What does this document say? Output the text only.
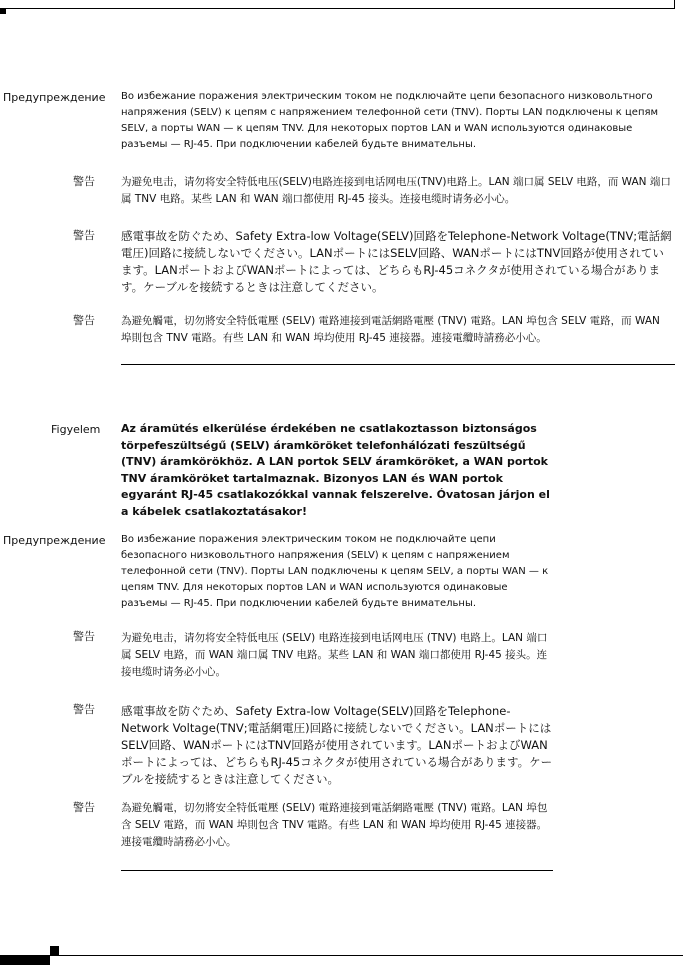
Предупреждение Во избежание поражения электрическим током не подключайте цепи безопасного низковольтного напряжения (SELV) к цепям с напряжением телефонной сети (TNV). Порты LAN подключены к цепям SELV, а порты WAN — к цепям TNV. Для некоторых портов LAN и WAN используются одинаковые разъемы — RJ-45. При подключении кабелей будьте внимательны.
警告 为避免电击，请勿将安全特低电压(SELV)电路连接到电话网电压(TNV)电路上。LAN 端口属 SELV 电路，而 WAN 端口属 TNV 电路。某些 LAN 和 WAN 端口都使用 RJ-45 接头。连接电缆时请务必小心。
警告 感電事故を防ぐため、Safety Extra-low Voltage(SELV)回路をTelephone-Network Voltage(TNV;電話網電圧)回路に接続しないでください。LANポートにはSELV回路、WANポートにはTNV回路が使用されています。LANポートおよびWANポートによっては、どちらもRJ-45コネクタが使用されている場合があります。ケーブルを接続するときは注意してください。
警告 為避免觸電，切勿將安全特低電壓 (SELV) 電路連接到電話網路電壓 (TNV) 電路。LAN 埠包含 SELV 電路，而 WAN 埠則包含 TNV 電路。有些 LAN 和 WAN 埠均使用 RJ-45 連接器。連接電纜時請務必小心。
Figyelem Az áramütés elkerülése érdekében ne csatlakoztasson biztonságos törpefeszültségű (SELV) áramköröket telefonhálózati feszültségű (TNV) áramkörökhöz. A LAN portok SELV áramköröket, a WAN portok TNV áramköröket tartalmaznak. Bizonyos LAN és WAN portok egyaránt RJ-45 csatlakozókkal vannak felszerelve. Óvatosan járjon el a kábelek csatlakoztatásakor!
Предупреждение Во избежание поражения электрическим током не подключайте цепи безопасного низковольтного напряжения (SELV) к цепям с напряжением телефонной сети (TNV). Порты LAN подключены к цепям SELV, а порты WAN — к цепям TNV. Для некоторых портов LAN и WAN используются одинаковые разъемы — RJ-45. При подключении кабелей будьте внимательны.
警告 为避免电击，请勿将安全特低电压 (SELV) 电路连接到电话网电压 (TNV) 电路上。LAN 端口属 SELV 电路，而 WAN 端口属 TNV 电路。某些 LAN 和 WAN 端口都使用 RJ-45 接头。连接电缆时请务必小心。
警告 感電事故を防ぐため、Safety Extra-low Voltage(SELV)回路をTelephone-Network Voltage(TNV;電話網電圧)回路に接続しないでください。LANポートにはSELV回路、WANポートにはTNV回路が使用されています。LANポートおよびWANポートによっては、どちらもRJ-45コネクタが使用されている場合があります。ケーブルを接続するときは注意してください。
警告 為避免觸電，切勿將安全特低電壓 (SELV) 電路連接到電話網路電壓 (TNV) 電路。LAN 埠包含 SELV 電路，而 WAN 埠則包含 TNV 電路。有些 LAN 和 WAN 埠均使用 RJ-45 連接器。連接電纜時請務必小心。
